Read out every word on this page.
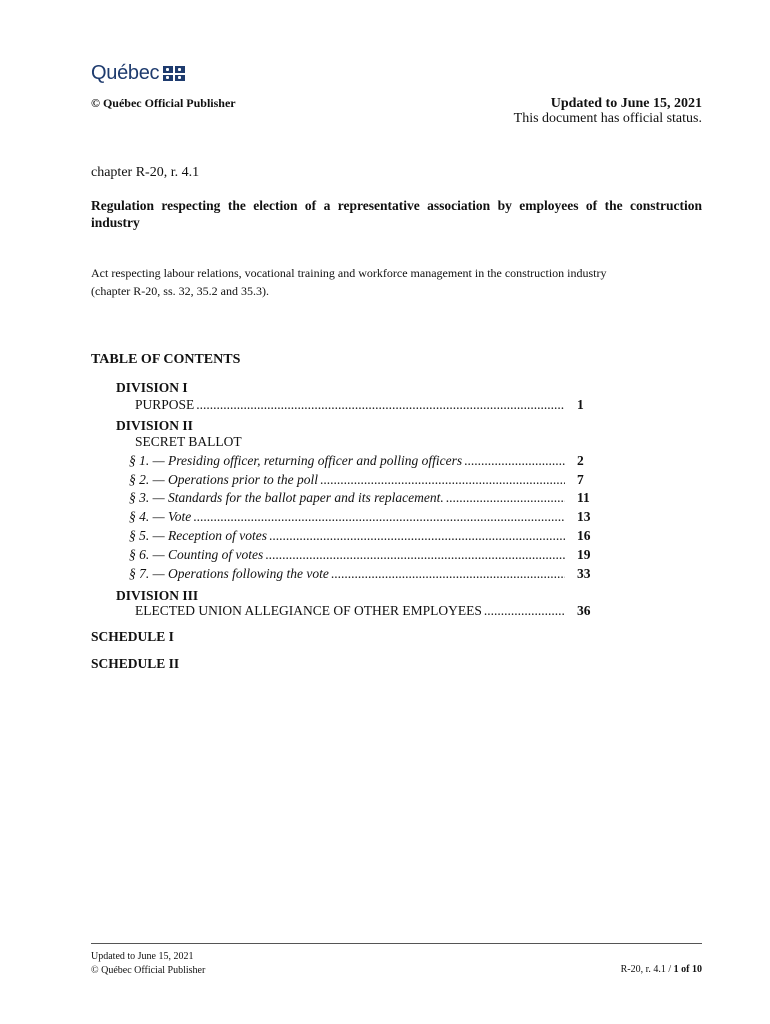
Québec
© Québec Official Publisher	Updated to June 15, 2021
This document has official status.
chapter R-20, r. 4.1
Regulation respecting the election of a representative association by employees of the construction industry
Act respecting labour relations, vocational training and workforce management in the construction industry
(chapter R-20, ss. 32, 35.2 and 35.3).
TABLE OF CONTENTS
DIVISION I
PURPOSE .....	1
DIVISION II
SECRET BALLOT
§ 1. — Presiding officer, returning officer and polling officers .....	2
§ 2. — Operations prior to the poll .....	7
§ 3. — Standards for the ballot paper and its replacement. .....	11
§ 4. — Vote .....	13
§ 5. — Reception of votes .....	16
§ 6. — Counting of votes .....	19
§ 7. — Operations following the vote .....	33
DIVISION III
ELECTED UNION ALLEGIANCE OF OTHER EMPLOYEES .....	36
SCHEDULE I
SCHEDULE II
Updated to June 15, 2021
© Québec Official Publisher	R-20, r. 4.1 / 1 of 10
